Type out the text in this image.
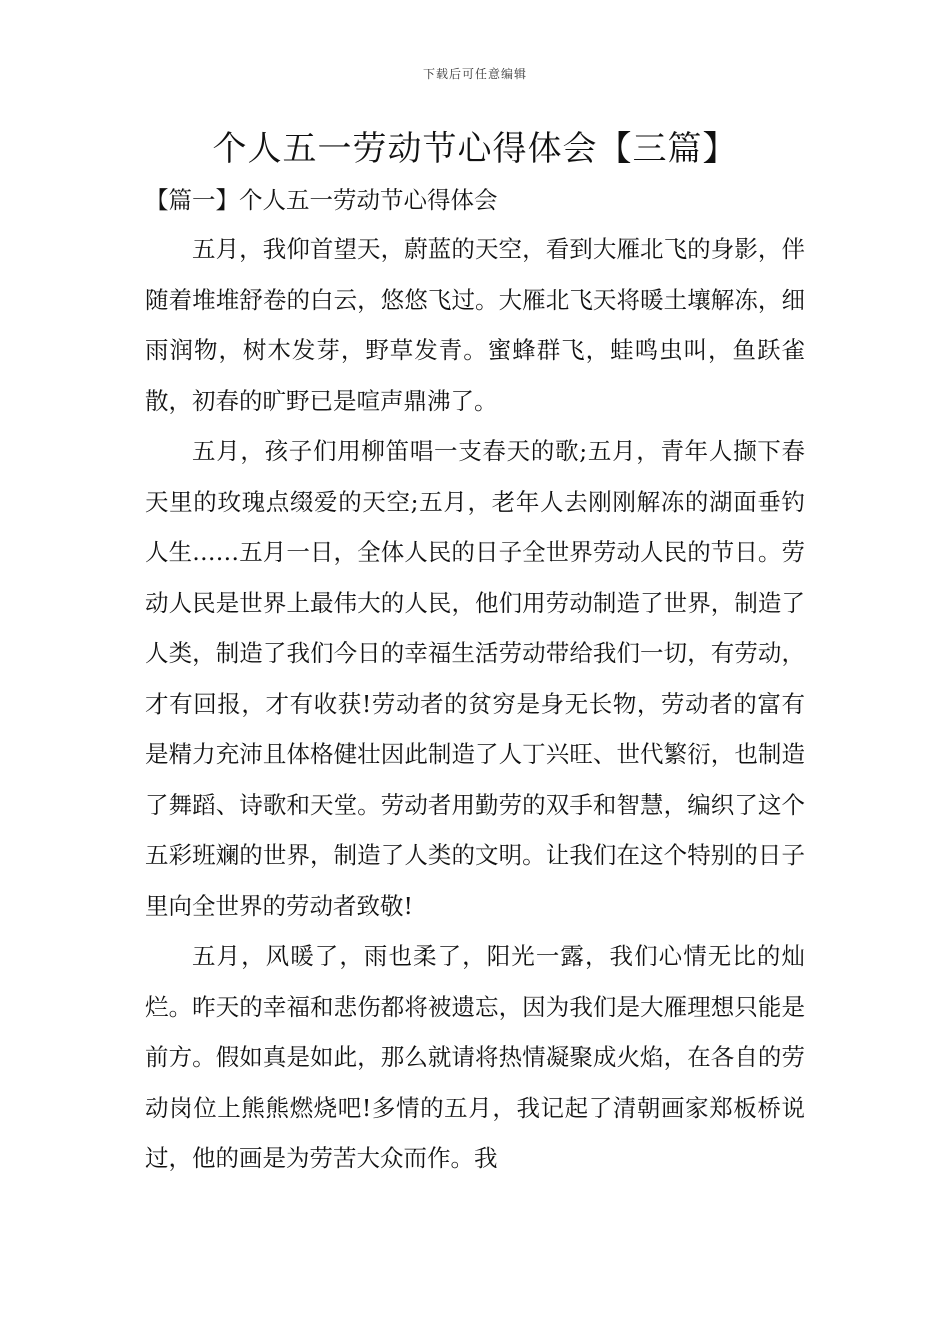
下载后可任意编辑
个人五一劳动节心得体会【三篇】
【篇一】个人五一劳动节心得体会

五月，我仰首望天，蔚蓝的天空，看到大雁北飞的身影，伴随着堆堆舒卷的白云，悠悠飞过。大雁北飞天将暖土壤解冻，细雨润物，树木发芽，野草发青。蜜蜂群飞，蛙鸣虫叫，鱼跃雀散，初春的旷野已是喧声鼎沸了。

五月，孩子们用柳笛唱一支春天的歌;五月，青年人撷下春天里的玫瑰点缀爱的天空;五月，老年人去刚刚解冻的湖面垂钓人生……五月一日，全体人民的日子全世界劳动人民的节日。劳动人民是世界上最伟大的人民，他们用劳动制造了世界，制造了人类，制造了我们今日的幸福生活劳动带给我们一切，有劳动，才有回报，才有收获!劳动者的贫穷是身无长物，劳动者的富有是精力充沛且体格健壮因此制造了人丁兴旺、世代繁衍，也制造了舞蹈、诗歌和天堂。劳动者用勤劳的双手和智慧，编织了这个五彩班斓的世界，制造了人类的文明。让我们在这个特别的日子里向全世界的劳动者致敬!

五月，风暖了，雨也柔了，阳光一露，我们心情无比的灿烂。昨天的幸福和悲伤都将被遗忘，因为我们是大雁理想只能是前方。假如真是如此，那么就请将热情凝聚成火焰，在各自的劳动岗位上熊熊燃烧吧!多情的五月，我记起了清朝画家郑板桥说过，他的画是为劳苦大众而作。我
